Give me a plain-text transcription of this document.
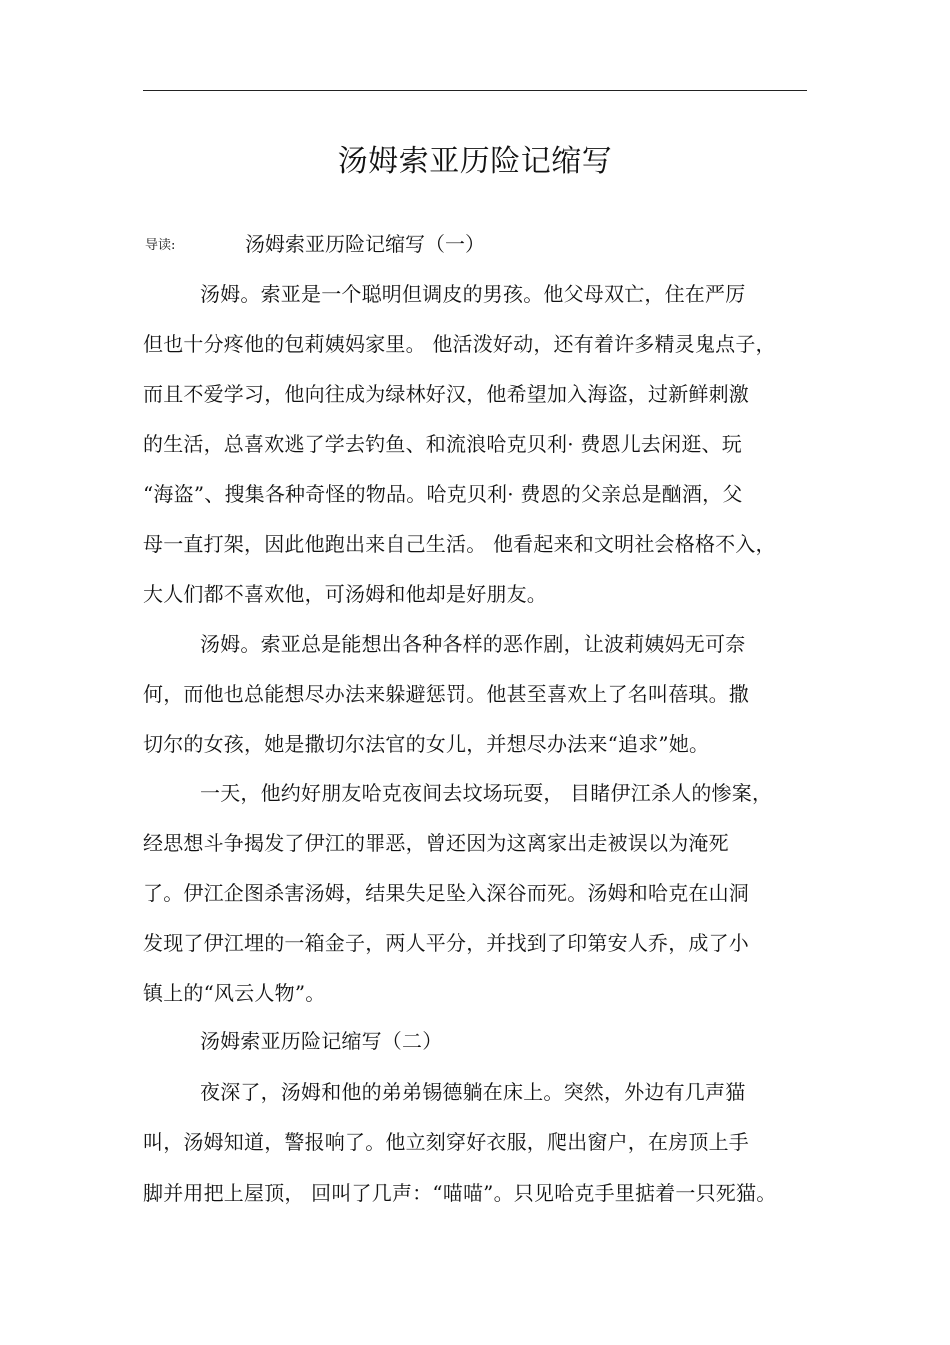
汤姆索亚历险记缩写
导读:	汤姆索亚历险记缩写（一）
汤姆。索亚是一个聪明但调皮的男孩。他父母双亡，住在严厉
但也十分疼他的包莉姨妈家里。 他活泼好动，还有着许多精灵鬼点子，
而且不爱学习，他向往成为绿林好汉，他希望加入海盗，过新鲜刺激
的生活，总喜欢逃了学去钓鱼、和流浪哈克贝利· 费恩儿去闲逛、玩
“海盗”、搜集各种奇怪的物品。哈克贝利· 费恩的父亲总是酗酒，父
母一直打架，因此他跑出来自己生活。 他看起来和文明社会格格不入，
大人们都不喜欢他，可汤姆和他却是好朋友。
汤姆。索亚总是能想出各种各样的恶作剧，让波莉姨妈无可奈
何，而他也总能想尽办法来躲避惩罚。他甚至喜欢上了名叫蓓琪。撒
切尔的女孩，她是撒切尔法官的女儿，并想尽办法来“追求”她。
一天，他约好朋友哈克夜间去坟场玩耍， 目睹伊江杀人的惨案，
经思想斗争揭发了伊江的罪恶，曾还因为这离家出走被误以为淹死
了。伊江企图杀害汤姆，结果失足坠入深谷而死。汤姆和哈克在山洞
发现了伊江埋的一箱金子，两人平分，并找到了印第安人乔，成了小
镇上的“风云人物”。
汤姆索亚历险记缩写（二）
夜深了，汤姆和他的弟弟锡德躺在床上。突然，外边有几声猫
叫，汤姆知道，警报响了。他立刻穿好衣服，爬出窗户，在房顶上手
脚并用把上屋顶， 回叫了几声：“喵喵”。只见哈克手里掂着一只死猫。
